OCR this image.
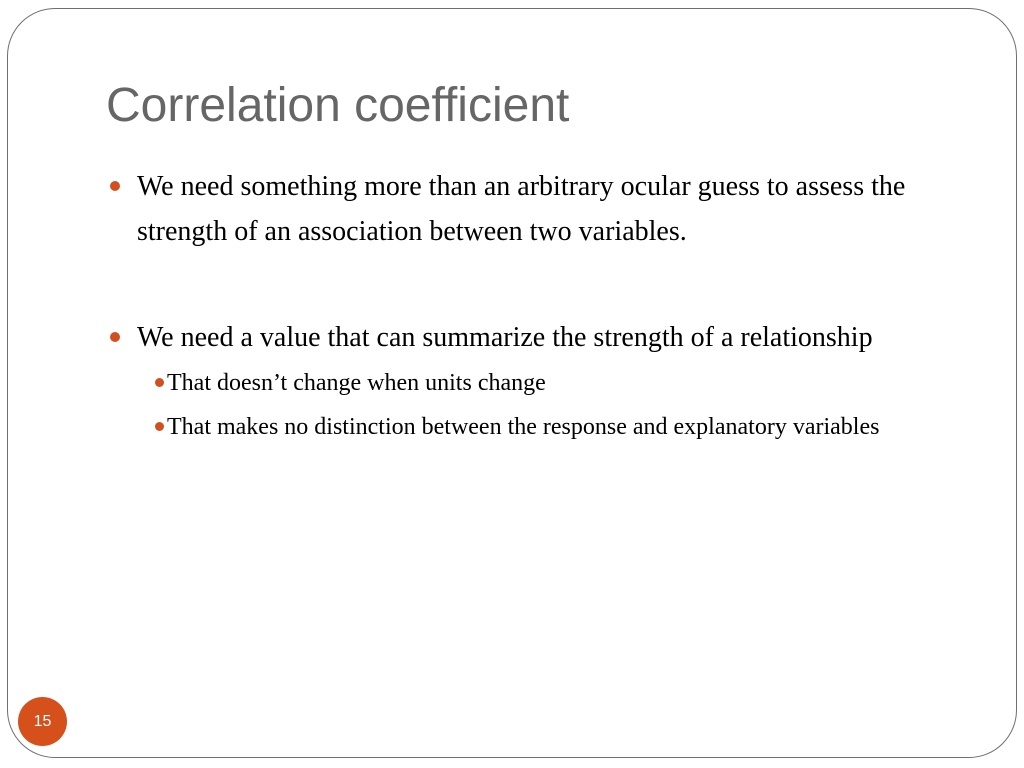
Correlation coefficient
We need something more than an arbitrary ocular guess to assess the strength of an association between two variables.
We need a value that can summarize the strength of a relationship
That doesn’t change when units change
That makes no distinction between the response and explanatory variables
15
